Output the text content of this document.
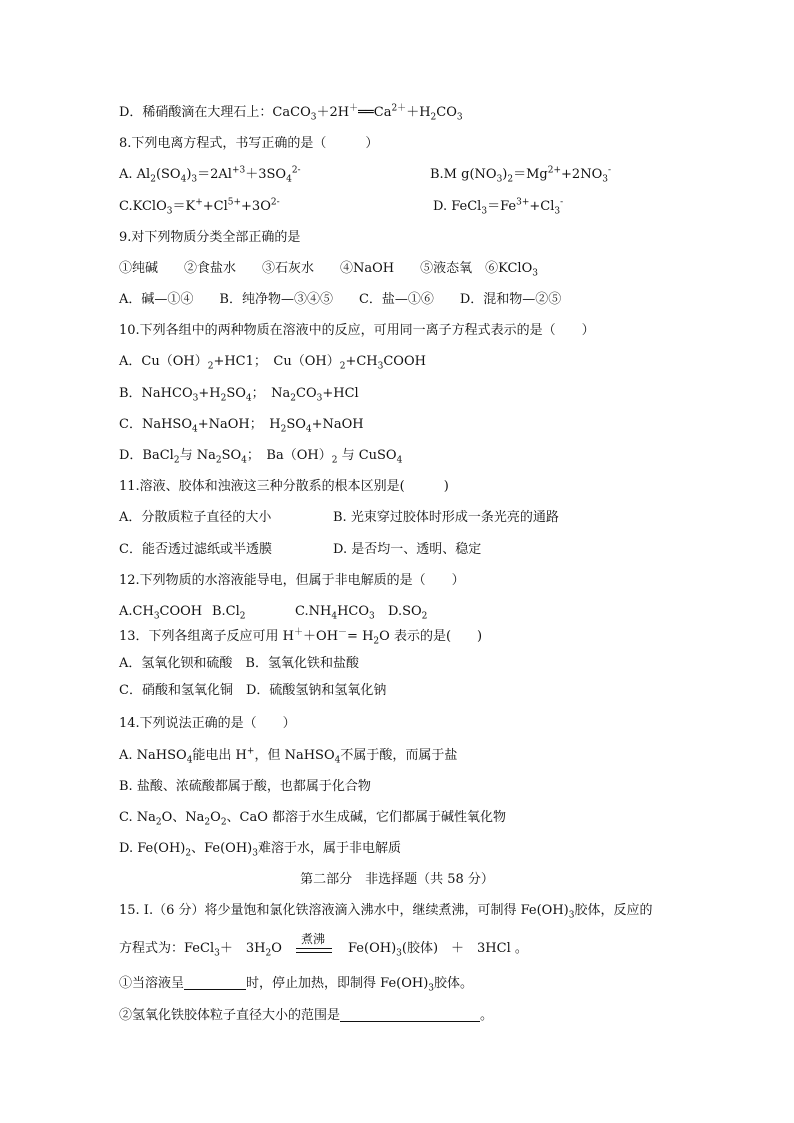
D．稀硝酸滴在大理石上：$CaCO_3+2H^+══Ca^{2+}+H_2CO_3$
8.下列电离方程式，书写正确的是（　　　）
A. $Al_2(SO_4)_3=2Al^{+3}+3SO_4^{2-}$	B.M $g(NO_3)_2=Mg^{2+}+2NO_3^-$
$C.KClO_3=K^++Cl^{5+}+3O^{2-}$	D. $FeCl_3=Fe^{3+}+Cl_3^-$
9.对下列物质分类全部正确的是
①纯碱　　②食盐水　　③石灰水　　④NaOH　　⑤液态氧　⑥KClO$_3$
A．碱—①④　　B．纯净物—③④⑤　　C．盐—①⑥　　D．混和物—②⑤
10.下列各组中的两种物质在溶液中的反应，可用同一离子方程式表示的是（　　）
A．$Cu(OH)_2+HC1$；　$Cu(OH)_2+CH_3COOH$
B．$NaHCO_3+H_2SO_4$；　$Na_2CO_3+HCl$
C．NaHSO$_4$+NaOH；　$H_2SO_4+NaOH$
D．BaCl$_2$与 $Na_2SO_4$；　$Ba(OH)_2$ 与 CuSO$_4$
11.溶液、胶体和浊液这三种分散系的根本区别是(　　　)
A．分散质粒子直径的大小	B. 光束穿过胶体时形成一条光亮的通路
C．能否透过滤纸或半透膜	D. 是否均一、透明、稳定
12.下列物质的水溶液能导电，但属于非电解质的是（　　）
$A.CH_3COOH$ $B.Cl_2$	$C.NH_4HCO_3$ $D.SO_2$
13．下列各组离子反应可用 $H^++OH^-= H_2O$ 表示的是(　　)
A．氢氧化钡和硫酸　B．氢氧化铁和盐酸
C．硝酸和氢氧化铜　D．硫酸氢钠和氢氧化钠
14.下列说法正确的是（　　）
A. NaHSO$_4$能电出 H+，但 NaHSO$_4$不属于酸，而属于盐
B. 盐酸、浓硫酸都属于酸，也都属于化合物
C. $Na_2O$、$Na_2O_2$、CaO 都溶于水生成碱，它们都属于碱性氧化物
D. $Fe(OH)_2$、$Fe(OH)_3$难溶于水，属于非电解质
第二部分　非选择题（共 58 分）
15. I.（6 分）将少量饱和氯化铁溶液滴入沸水中，继续煮沸，可制得 $Fe(OH)_3$胶体，反应的
方程式为：FeCl$_3$＋　$3H_2O$
煮沸
$Fe(OH)_3$(胶体)　＋　3HCl 。
①当溶液呈	时，停止加热，即制得 $Fe(OH)_3$胶体。
②氢氧化铁胶体粒子直径大小的范围是	。
